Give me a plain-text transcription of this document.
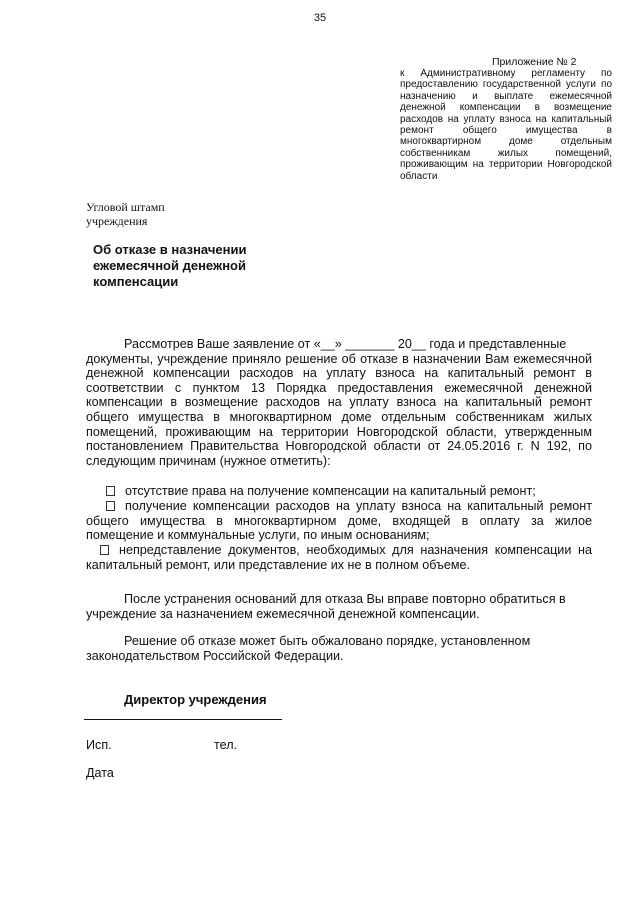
35
Приложение № 2
к Административному регламенту по предоставлению государственной услуги по назначению и выплате ежемесячной денежной компенсации в возмещение расходов на уплату взноса на капитальный ремонт общего имущества в многоквартирном доме отдельным собственникам жилых помещений, проживающим на территории Новгородской области
Угловой штамп
учреждения
Об отказе в назначении
ежемесячной денежной
компенсации
Рассмотрев Ваше заявление от «__» _______ 20__ года и представленные
документы, учреждение приняло решение об отказе в назначении Вам ежемесячной денежной компенсации расходов на уплату взноса на капитальный ремонт в соответствии с пунктом 13 Порядка предоставления ежемесячной денежной компенсации в возмещение расходов на уплату взноса на капитальный ремонт общего имущества в многоквартирном доме отдельным собственникам жилых помещений, проживающим на территории Новгородской области, утвержденным постановлением Правительства Новгородской области от 24.05.2016 г. N 192, по следующим причинам (нужное отметить):
отсутствие права на получение компенсации на капитальный ремонт;
получение компенсации расходов на уплату взноса на капитальный ремонт общего имущества в многоквартирном доме, входящей в оплату за жилое помещение и коммунальные услуги, по иным основаниям;
непредставление документов, необходимых для назначения компенсации на капитальный ремонт, или представление их не в полном объеме.
После устранения оснований для отказа Вы вправе повторно обратиться в учреждение за назначением ежемесячной денежной компенсации.
Решение об отказе может быть обжаловано порядке, установленном законодательством Российской Федерации.
Директор учреждения
Исп.	тел.
Дата
